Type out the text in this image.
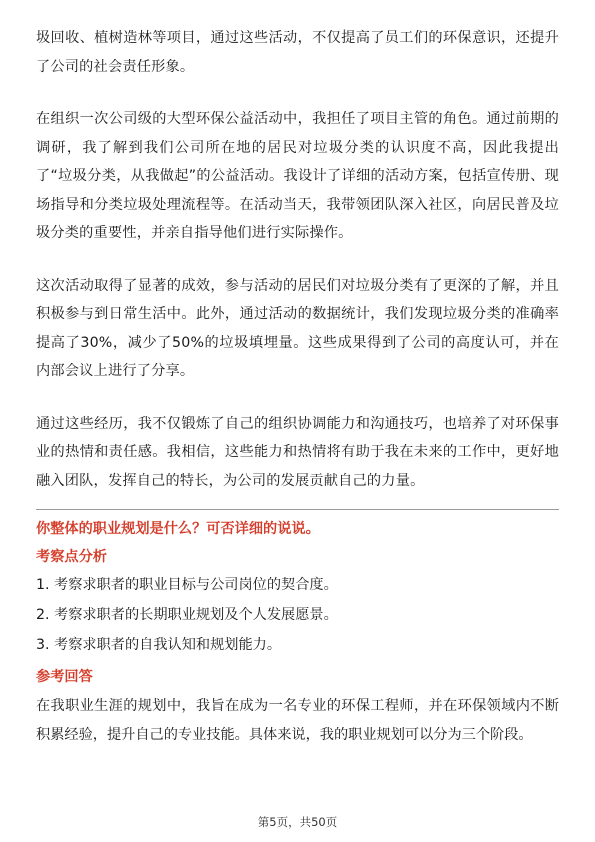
圾回收、植树造林等项目，通过这些活动，不仅提高了员工们的环保意识，还提升了公司的社会责任形象。

在组织一次公司级的大型环保公益活动中，我担任了项目主管的角色。通过前期的调研，我了解到我们公司所在地的居民对垃圾分类的认识度不高，因此我提出了“垃圾分类，从我做起”的公益活动。我设计了详细的活动方案，包括宣传册、现场指导和分类垃圾处理流程等。在活动当天，我带领团队深入社区，向居民普及垃圾分类的重要性，并亲自指导他们进行实际操作。

这次活动取得了显著的成效，参与活动的居民们对垃圾分类有了更深的了解，并且积极参与到日常生活中。此外，通过活动的数据统计，我们发现垃圾分类的准确率提高了30%，减少了50%的垃圾填埋量。这些成果得到了公司的高度认可，并在内部会议上进行了分享。

通过这些经历，我不仅锻炼了自己的组织协调能力和沟通技巧，也培养了对环保事业的热情和责任感。我相信，这些能力和热情将有助于我在未来的工作中，更好地融入团队，发挥自己的特长，为公司的发展贡献自己的力量。

你整体的职业规划是什么？可否详细的说说。
考察点分析
1. 考察求职者的职业目标与公司岗位的契合度。
2. 考察求职者的长期职业规划及个人发展愿景。
3. 考察求职者的自我认知和规划能力。
参考回答

在我职业生涯的规划中，我旨在成为一名专业的环保工程师，并在环保领域内不断积累经验，提升自己的专业技能。具体来说，我的职业规划可以分为三个阶段。

第5页，共50页
